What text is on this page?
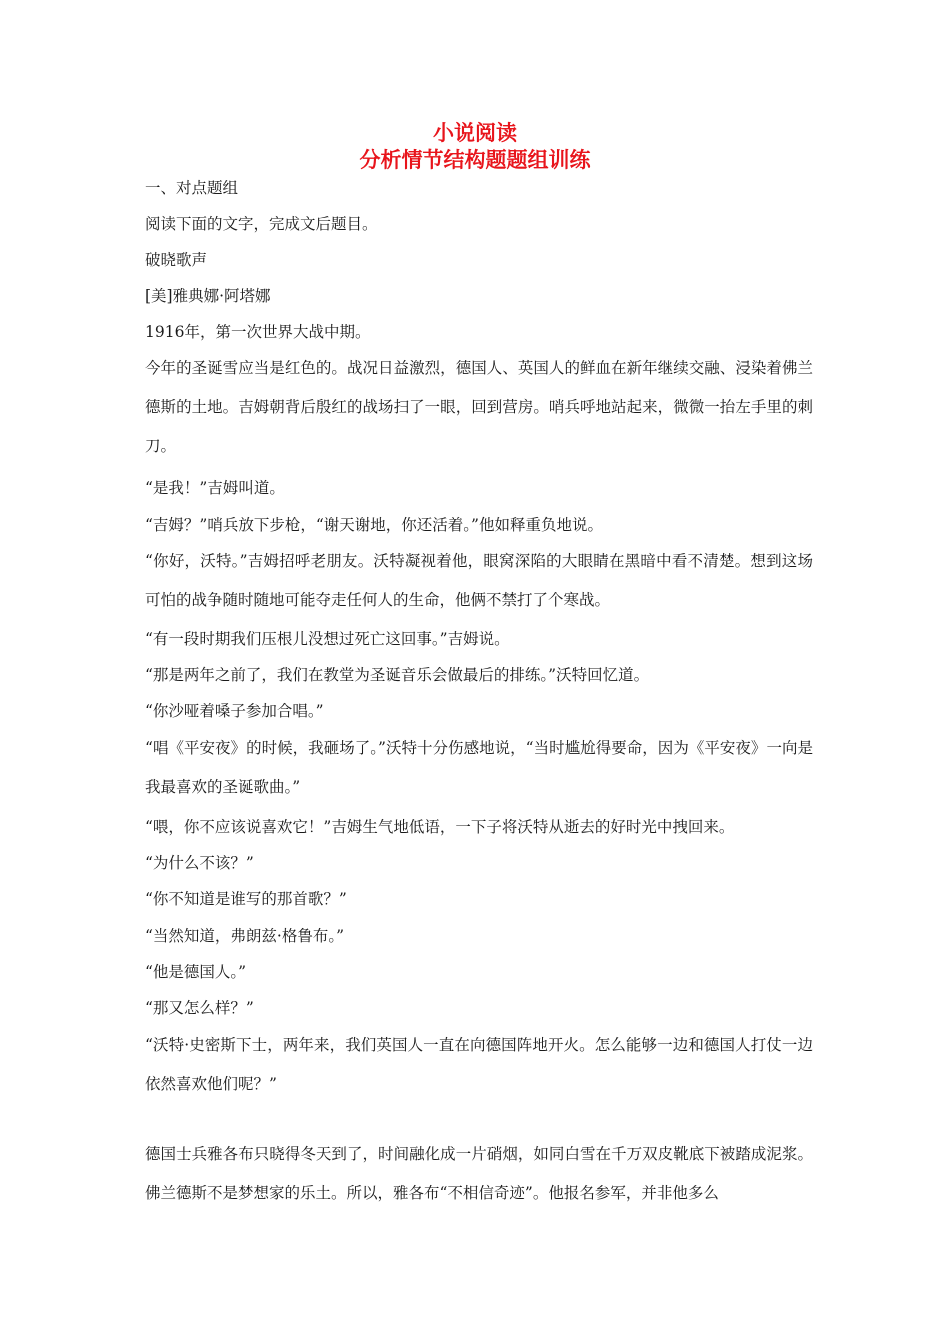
小说阅读
分析情节结构题题组训练
一、对点题组
阅读下面的文字，完成文后题目。
破晓歌声
[美]雅典娜·阿塔娜
1916年，第一次世界大战中期。
今年的圣诞雪应当是红色的。战况日益激烈，德国人、英国人的鲜血在新年继续交融、浸染着佛兰德斯的土地。吉姆朝背后殷红的战场扫了一眼，回到营房。哨兵呼地站起来，微微一抬左手里的刺刀。
“是我！”吉姆叫道。
“吉姆？”哨兵放下步枪，“谢天谢地，你还活着。”他如释重负地说。
“你好，沃特。”吉姆招呼老朋友。沃特凝视着他，眼窝深陷的大眼睛在黑暗中看不清楚。想到这场可怕的战争随时随地可能夺走任何人的生命，他俩不禁打了个寒战。
“有一段时期我们压根儿没想过死亡这回事。”吉姆说。
“那是两年之前了，我们在教堂为圣诞音乐会做最后的排练。”沃特回忆道。
“你沙哑着嗓子参加合唱。”
“唱《平安夜》的时候，我砸场了。”沃特十分伤感地说，“当时尴尬得要命，因为《平安夜》一向是我最喜欢的圣诞歌曲。”
“喂，你不应该说喜欢它！”吉姆生气地低语，一下子将沃特从逝去的好时光中拽回来。
“为什么不该？”
“你不知道是谁写的那首歌？”
“当然知道，弗朗兹·格鲁布。”
“他是德国人。”
“那又怎么样？”
“沃特·史密斯下士，两年来，我们英国人一直在向德国阵地开火。怎么能够一边和德国人打仗一边依然喜欢他们呢？”
德国士兵雅各布只晓得冬天到了，时间融化成一片硝烟，如同白雪在千万双皮靴底下被踏成泥浆。佛兰德斯不是梦想家的乐土。所以，雅各布“不相信奇迹”。他报名参军，并非他多么
